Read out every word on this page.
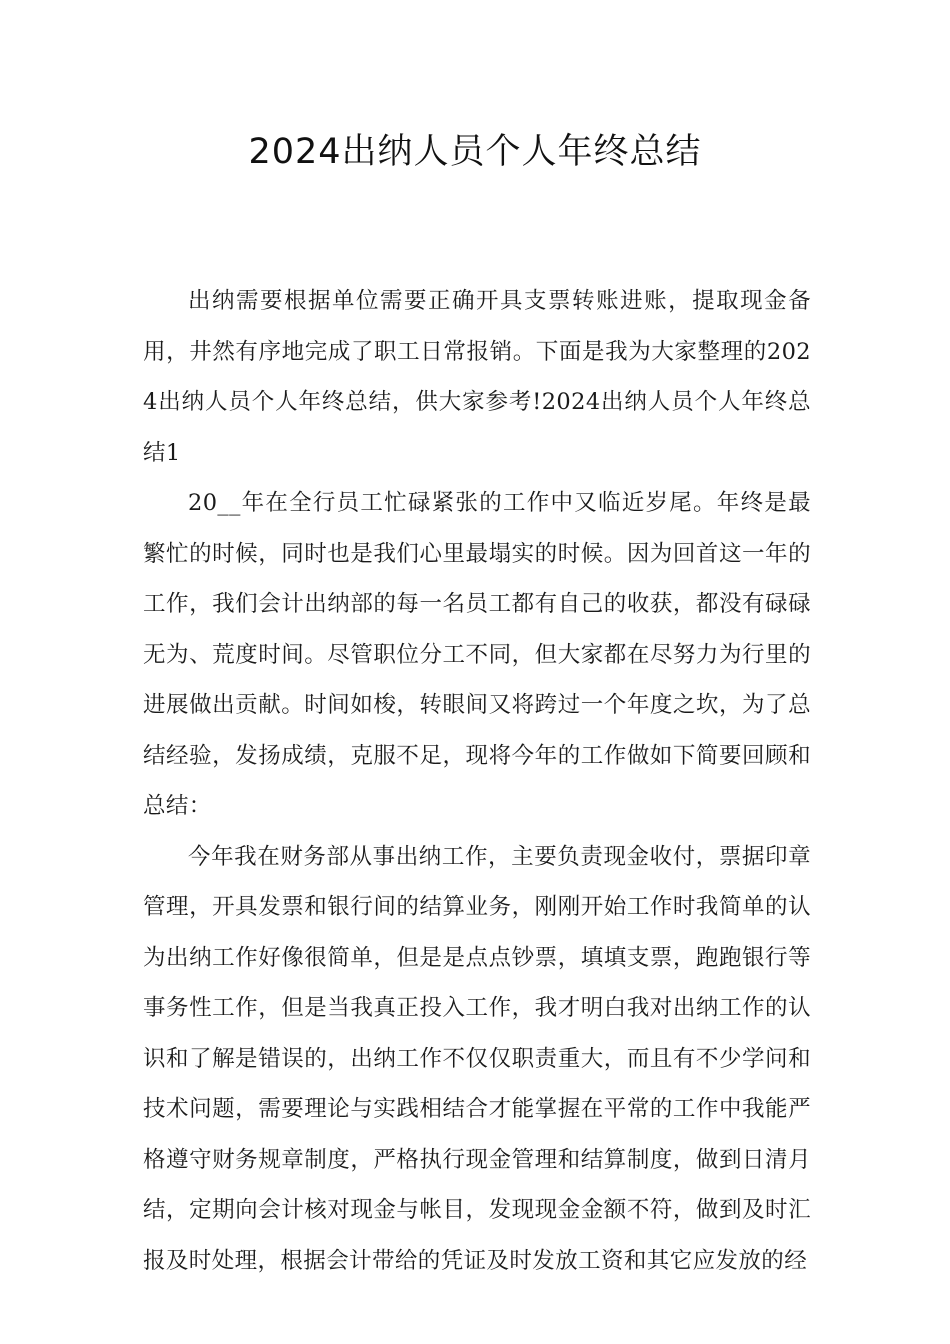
2024出纳人员个人年终总结

出纳需要根据单位需要正确开具支票转账进账，提取现金备用，井然有序地完成了职工日常报销。下面是我为大家整理的2024出纳人员个人年终总结，供大家参考!2024出纳人员个人年终总结1

20__年在全行员工忙碌紧张的工作中又临近岁尾。年终是最繁忙的时候，同时也是我们心里最塌实的时候。因为回首这一年的工作，我们会计出纳部的每一名员工都有自己的收获，都没有碌碌无为、荒度时间。尽管职位分工不同，但大家都在尽努力为行里的进展做出贡献。时间如梭，转眼间又将跨过一个年度之坎，为了总结经验，发扬成绩，克服不足，现将今年的工作做如下简要回顾和总结：

今年我在财务部从事出纳工作，主要负责现金收付，票据印章管理，开具发票和银行间的结算业务，刚刚开始工作时我简单的认为出纳工作好像很简单，但是是点点钞票，填填支票，跑跑银行等事务性工作，但是当我真正投入工作，我才明白我对出纳工作的认识和了解是错误的，出纳工作不仅仅职责重大，而且有不少学问和技术问题，需要理论与实践相结合才能掌握在平常的工作中我能严格遵守财务规章制度，严格执行现金管理和结算制度，做到日清月结，定期向会计核对现金与帐目，发现现金金额不符，做到及时汇报及时处理，根据会计带给的凭证及时发放工资和其它应发放的经
